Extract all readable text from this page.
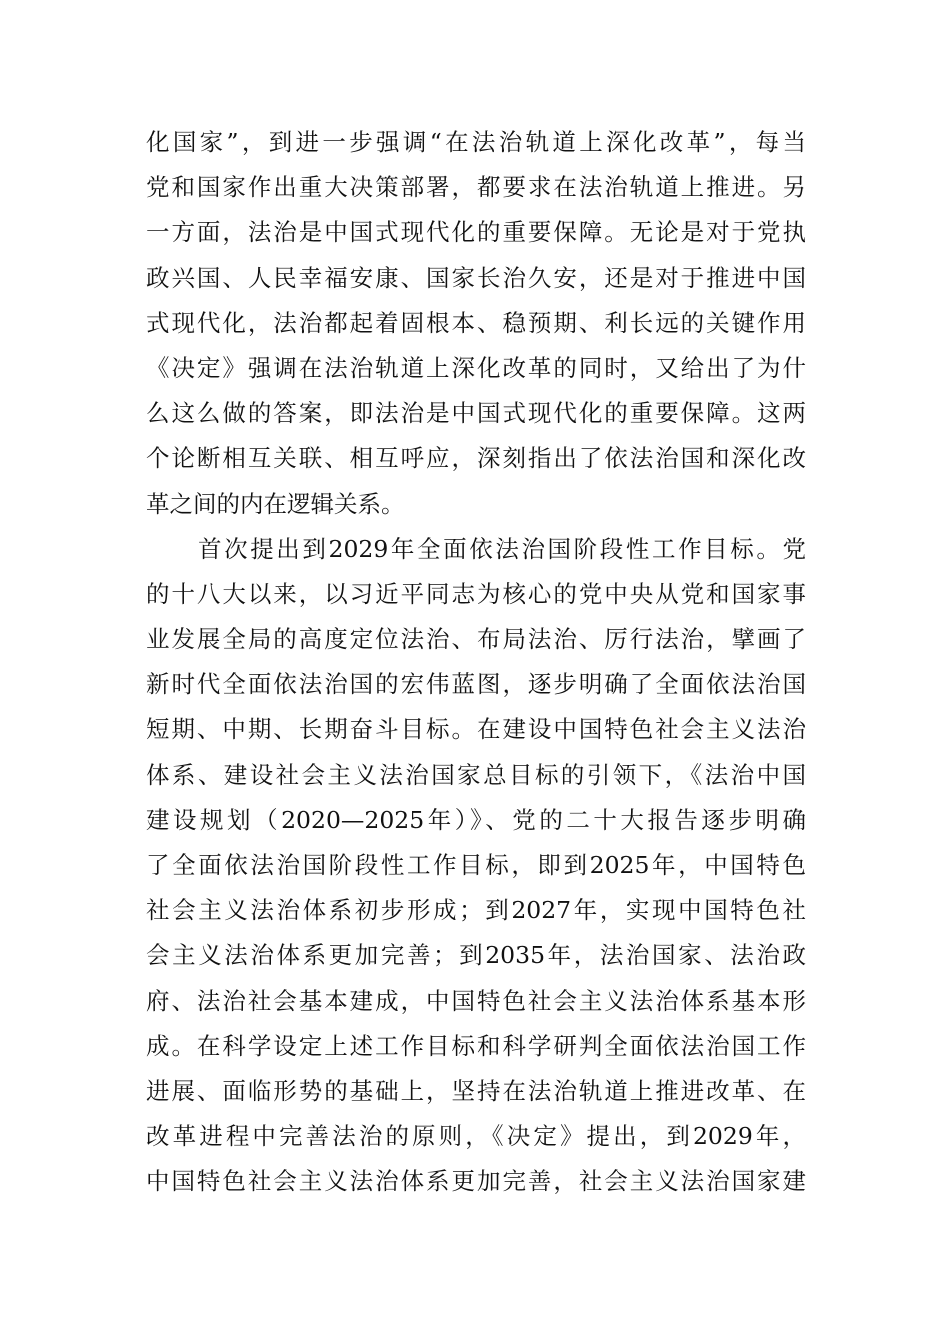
化国家”，到进一步强调“在法治轨道上深化改革”，每当
党和国家作出重大决策部署，都要求在法治轨道上推进。另
一方面，法治是中国式现代化的重要保障。无论是对于党执
政兴国、人民幸福安康、国家长治久安，还是对于推进中国
式现代化，法治都起着固根本、稳预期、利长远的关键作用
《决定》强调在法治轨道上深化改革的同时，又给出了为什
么这么做的答案，即法治是中国式现代化的重要保障。这两
个论断相互关联、相互呼应，深刻指出了依法治国和深化改
革之间的内在逻辑关系。
首次提出到2029年全面依法治国阶段性工作目标。党
的十八大以来，以习近平同志为核心的党中央从党和国家事
业发展全局的高度定位法治、布局法治、厉行法治，擘画了
新时代全面依法治国的宏伟蓝图，逐步明确了全面依法治国
短期、中期、长期奋斗目标。在建设中国特色社会主义法治
体系、建设社会主义法治国家总目标的引领下，《法治中国
建设规划（2020—2025年）》、党的二十大报告逐步明确
了全面依法治国阶段性工作目标，即到2025年，中国特色
社会主义法治体系初步形成；到2027年，实现中国特色社
会主义法治体系更加完善；到2035年，法治国家、法治政
府、法治社会基本建成，中国特色社会主义法治体系基本形
成。在科学设定上述工作目标和科学研判全面依法治国工作
进展、面临形势的基础上，坚持在法治轨道上推进改革、在
改革进程中完善法治的原则，《决定》提出，到2029年，
中国特色社会主义法治体系更加完善，社会主义法治国家建
